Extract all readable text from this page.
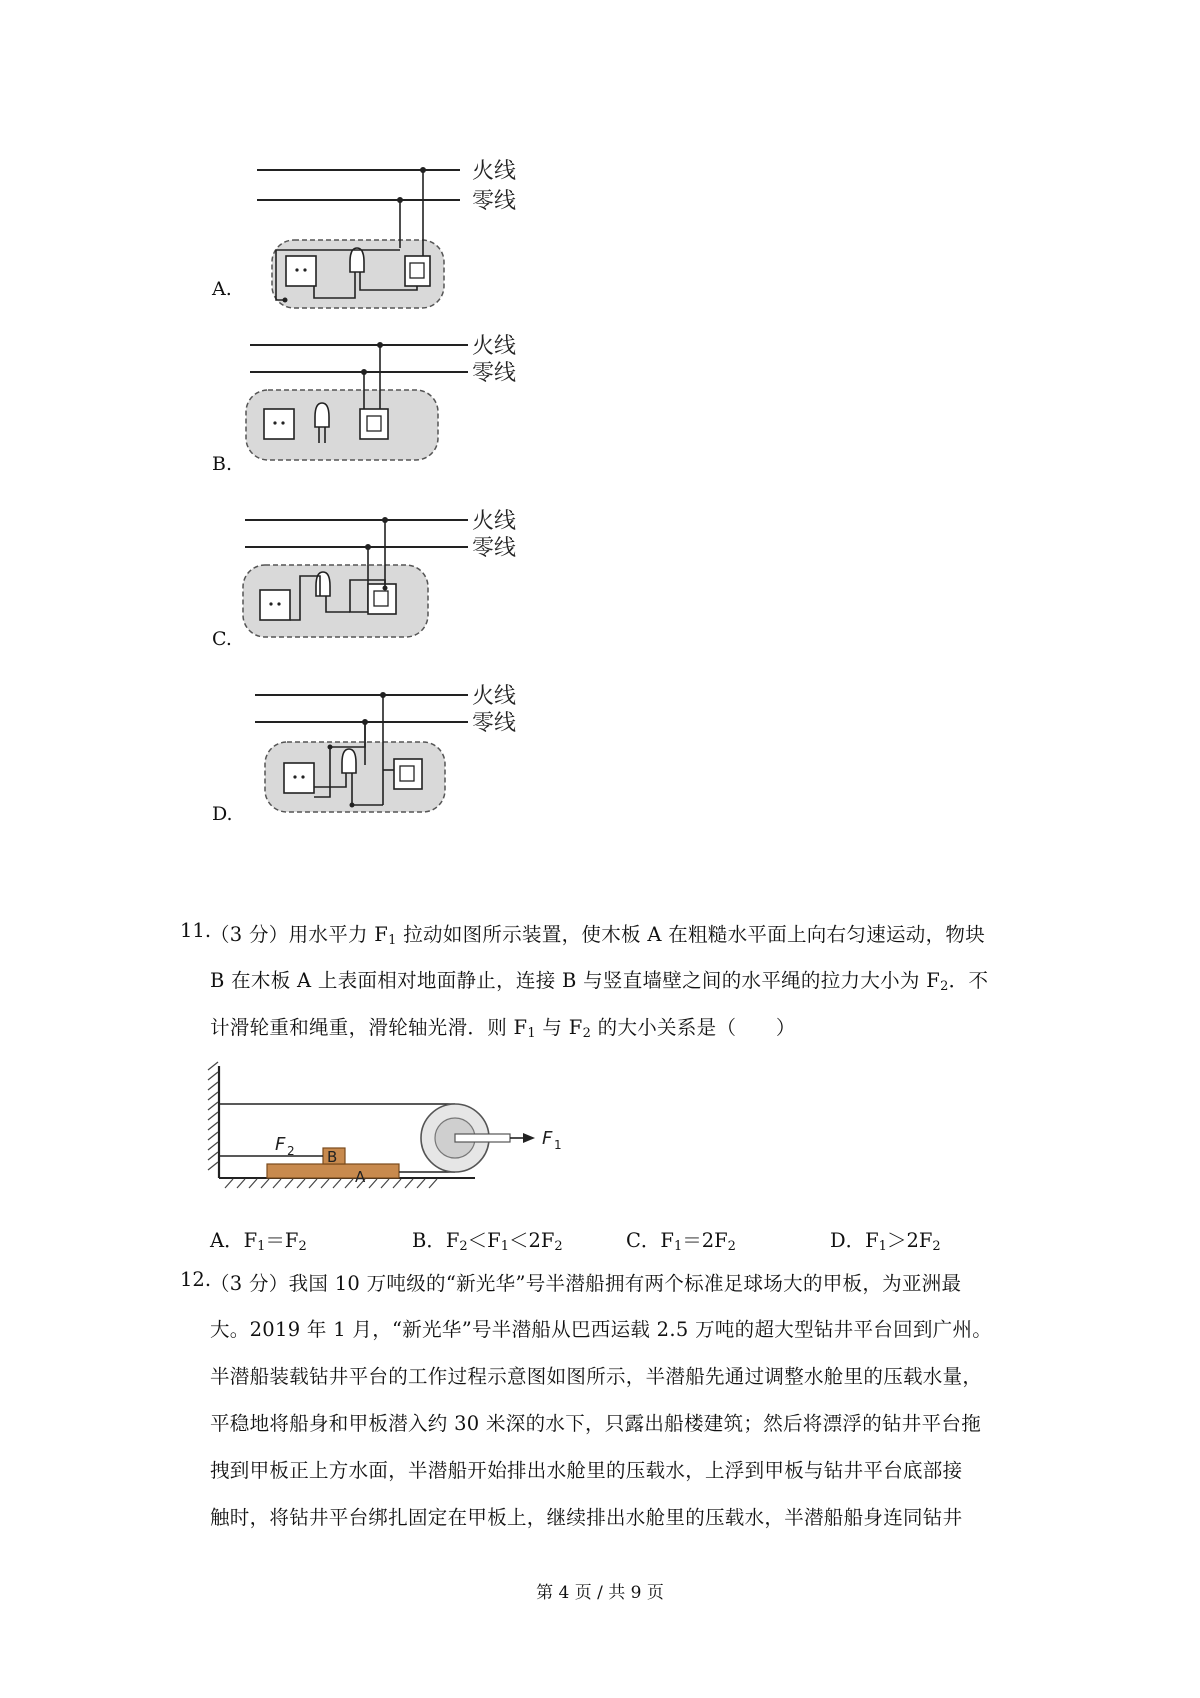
火线
零线
A.
火线
零线
B.
火线
零线
C.
火线
零线
D.
11.
（3 分）用水平力 $F_1$ 拉动如图所示装置，使木板 A 在粗糙水平面上向右匀速运动，物块
B 在木板 A 上表面相对地面静止，连接 B 与竖直墙壁之间的水平绳的拉力大小为 $F_2$．不
计滑轮重和绳重，滑轮轴光滑．则 $F_1$ 与 $F_2$ 的大小关系是（　　）
F 2 B
A
F 1
A．$F_1=F_2$	B．$F_2<F_1<2F_2$	C．$F_1=2F_2$	D．$F_1>2F_2$
12.
（3 分）我国 10 万吨级的“新光华”号半潜船拥有两个标准足球场大的甲板，为亚洲最
大。2019 年 1 月，“新光华”号半潜船从巴西运载 2.5 万吨的超大型钻井平台回到广州。
半潜船装载钻井平台的工作过程示意图如图所示，半潜船先通过调整水舱里的压载水量，
平稳地将船身和甲板潜入约 30 米深的水下，只露出船楼建筑；然后将漂浮的钻井平台拖
拽到甲板正上方水面，半潜船开始排出水舱里的压载水，上浮到甲板与钻井平台底部接
触时，将钻井平台绑扎固定在甲板上，继续排出水舱里的压载水，半潜船船身连同钻井
第 4 页 / 共 9 页
